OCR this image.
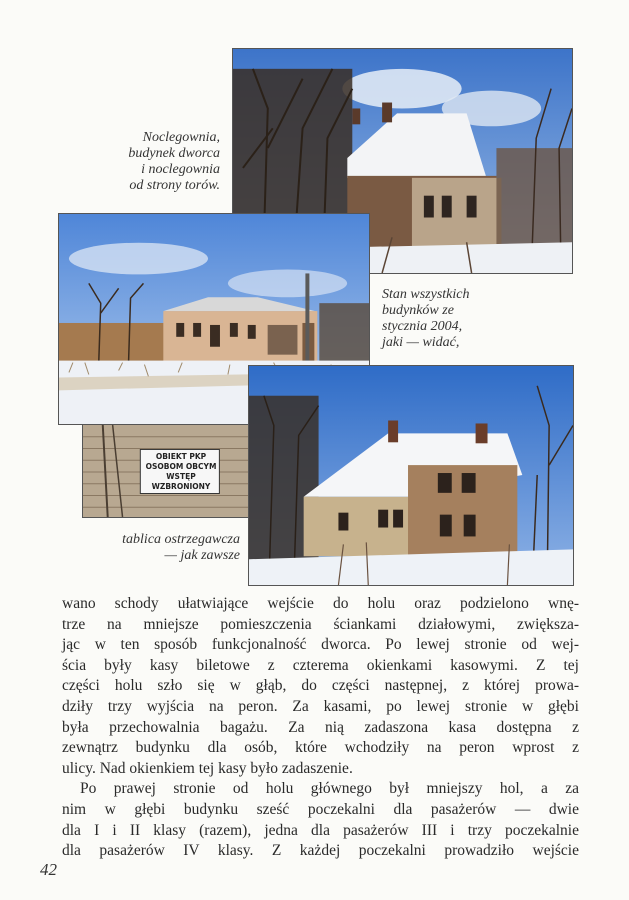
Noclegownia,
budynek dworca
i noclegownia
od strony torów.
Stan wszystkich
budynków ze
stycznia 2004,
jaki — widać,
OBIEKT PKP
OSOBOM OBCYM
WSTĘP WZBRONIONY
tablica ostrzegawcza
— jak zawsze
wano schody ułatwiające wejście do holu oraz podzielono wnę-
trze na mniejsze pomieszczenia ściankami działowymi, zwiększa-
jąc w ten sposób funkcjonalność dworca. Po lewej stronie od wej-
ścia były kasy biletowe z czterema okienkami kasowymi. Z tej
części holu szło się w głąb, do części następnej, z której prowa-
dziły trzy wyjścia na peron. Za kasami, po lewej stronie w głębi
była przechowalnia bagażu. Za nią zadaszona kasa dostępna z
zewnątrz budynku dla osób, które wchodziły na peron wprost z
ulicy. Nad okienkiem tej kasy było zadaszenie.
Po prawej stronie od holu głównego był mniejszy hol, a za
nim w głębi budynku sześć poczekalni dla pasażerów — dwie
dla I i II klasy (razem), jedna dla pasażerów III i trzy poczekalnie
dla pasażerów IV klasy. Z każdej poczekalni prowadziło wejście
42
